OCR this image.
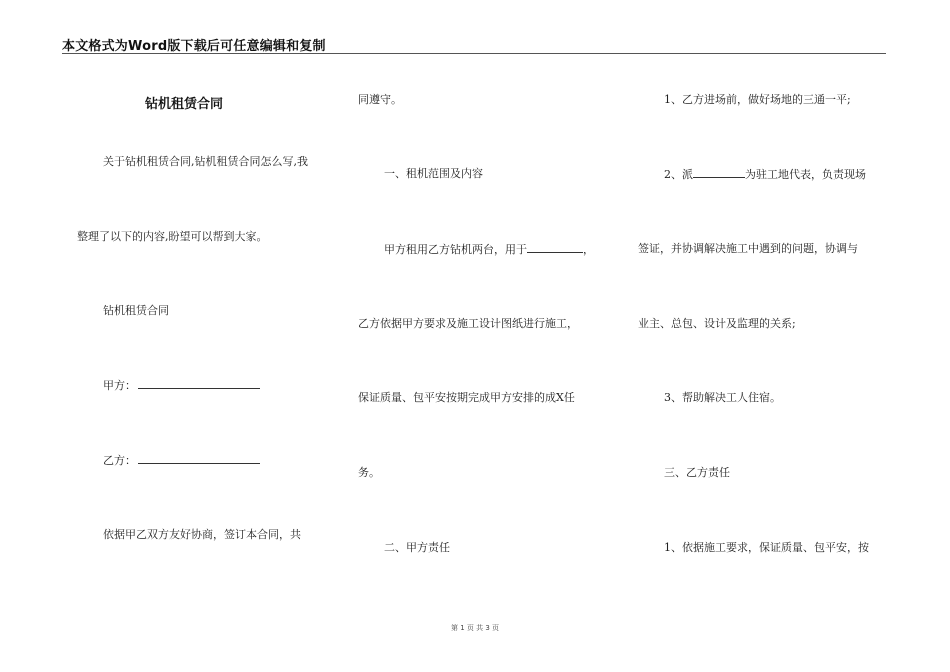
本文格式为Word版下载后可任意编辑和复制
钻机租赁合同
关于钻机租赁合同,钻机租赁合同怎么写,我
整理了以下的内容,盼望可以帮到大家。
钻机租赁合同
甲方：
乙方：
依据甲乙双方友好协商，签订本合同，共
同遵守。
一、租机范围及内容
甲方租用乙方钻机两台，用于	，
乙方依据甲方要求及施工设计图纸进行施工，
保证质量、包平安按期完成甲方安排的成X任
务。
二、甲方责任
1、乙方进场前，做好场地的三通一平;
2、派	为驻工地代表，负责现场
签证，并协调解决施工中遇到的问题，协调与
业主、总包、设计及监理的关系;
3、帮助解决工人住宿。
三、乙方责任
1、依据施工要求，保证质量、包平安，按
第 1 页 共 3 页
